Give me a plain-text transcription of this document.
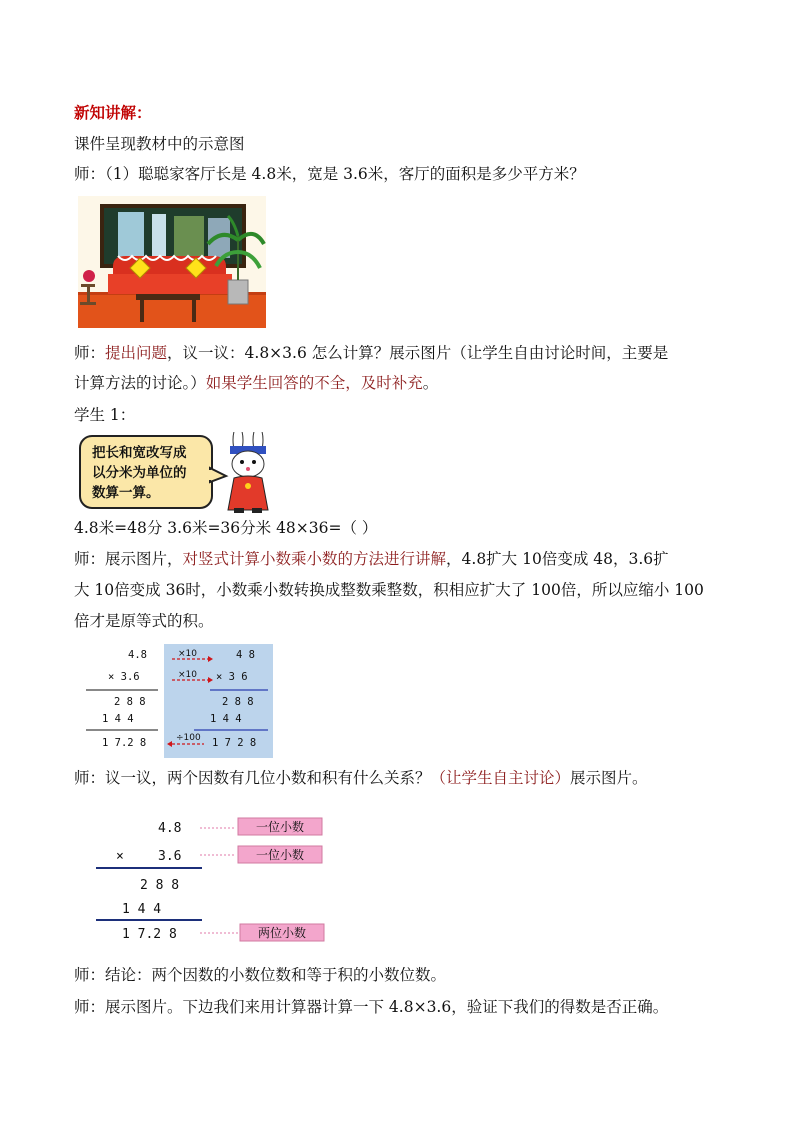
新知讲解：
课件呈现教材中的示意图
师：（1）聪聪家客厅长是 4.8米，宽是 3.6米，客厅的面积是多少平方米？
师：提出问题，议一议：4.8×3.6 怎么计算？展示图片（让学生自由讨论时间，主要是
计算方法的讨论。）如果学生回答的不全，及时补充。
学生 1：
把长和宽改写成
以分米为单位的
数算一算。
4.8米=48分 3.6米=36分米 48×36=（ ）
师：展示图片，对竖式计算小数乘小数的方法进行讲解，4.8扩大 10倍变成 48，3.6扩
大 10倍变成 36时，小数乘小数转换成整数乘整数，积相应扩大了 100倍，所以应缩小 100
倍才是原等式的积。
4.8
× 3.6
2 8 8
1 4 4
1 7.2 8
×10
×10
4 8
× 3 6
2 8 8
1 4 4
÷100 1 7 2 8
师：议一议，两个因数有几位小数和积有什么关系？（让学生自主讨论）展示图片。
4.8
×	3.6
2 8 8
1 4 4
1 7.2 8
一位小数
一位小数
两位小数
师：结论：两个因数的小数位数和等于积的小数位数。
师：展示图片。下边我们来用计算器计算一下 4.8×3.6，验证下我们的得数是否正确。
